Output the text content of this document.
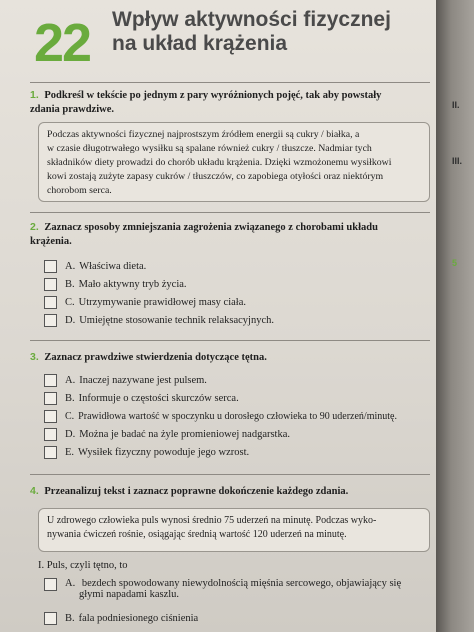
22 Wpływ aktywności fizycznej
na układ krążenia
1. Podkreśl w tekście po jednym z pary wyróżnionych pojęć, tak aby powstały
zdania prawdziwe.
Podczas aktywności fizycznej najprostszym źródłem energii są cukry / białka, a
w czasie długotrwałego wysiłku są spalane również cukry / tłuszcze. Nadmiar tych
składników diety prowadzi do chorób układu krążenia. Dzięki wzmożonemu wysiłkowi
kowi zostają zużyte zapasy cukrów / tłuszczów, co zapobiega otyłości oraz niektórym
chorobom serca.
2. Zaznacz sposoby zmniejszania zagrożenia związanego z chorobami układu
krążenia.
A. Właściwa dieta.
B. Mało aktywny tryb życia.
C. Utrzymywanie prawidłowej masy ciała.
D. Umiejętne stosowanie technik relaksacyjnych.
3. Zaznacz prawdziwe stwierdzenia dotyczące tętna.
A. Inaczej nazywane jest pulsem.
B. Informuje o częstości skurczów serca.
C. Prawidłowa wartość w spoczynku u dorosłego człowieka to 90 uderzeń/minutę.
D. Można je badać na żyle promieniowej nadgarstka.
E. Wysiłek fizyczny powoduje jego wzrost.
4. Przeanalizuj tekst i zaznacz poprawne dokończenie każdego zdania.
U zdrowego człowieka puls wynosi średnio 75 uderzeń na minutę. Podczas wyko-
nywania ćwiczeń rośnie, osiągając średnią wartość 120 uderzeń na minutę.
I. Puls, czyli tętno, to
A. bezdech spowodowany niewydolnością mięśnia sercowego, objawiający się
głymi napadami kaszlu.
B. fala podniesionego ciśnienia
II.
III.
5
